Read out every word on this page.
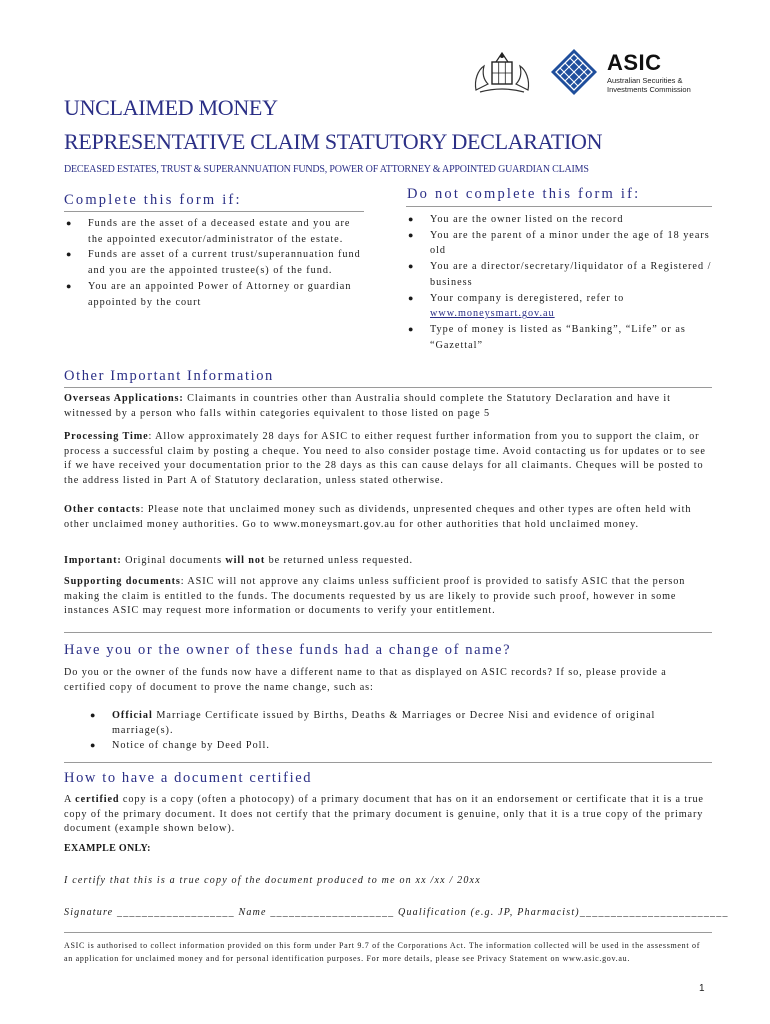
ASIC
Australian Securities &
Investments Commission
UNCLAIMED MONEY
REPRESENTATIVE CLAIM STATUTORY DECLARATION
DECEASED ESTATES, TRUST & SUPERANNUATION FUNDS, POWER OF ATTORNEY & APPOINTED GUARDIAN CLAIMS
Complete this form if:
● Funds are the asset of a deceased estate and you are the appointed executor/administrator of the estate.
● Funds are asset of a current trust/superannuation fund and you are the appointed trustee(s) of the fund.
● You are an appointed Power of Attorney or guardian appointed by the court
Do not complete this form if:
● You are the owner listed on the record
● You are the parent of a minor under the age of 18 years old
● You are a director/secretary/liquidator of a Registered / business
● Your company is deregistered, refer to
www.moneysmart.gov.au
● Type of money is listed as “Banking”, “Life” or as “Gazettal”
Other Important Information

Overseas Applications: Claimants in countries other than Australia should complete the Statutory Declaration and have it witnessed by a person who falls within categories equivalent to those listed on page 5

Processing Time: Allow approximately 28 days for ASIC to either request further information from you to support the claim, or process a successful claim by posting a cheque. You need to also consider postage time. Avoid contacting us for updates or to see if we have received your documentation prior to the 28 days as this can cause delays for all claimants. Cheques will be posted to the address listed in Part A of Statutory declaration, unless stated otherwise.

Other contacts: Please note that unclaimed money such as dividends, unpresented cheques and other types are often held with other unclaimed money authorities. Go to www.moneysmart.gov.au for other authorities that hold unclaimed money.

Important: Original documents will not be returned unless requested.

Supporting documents: ASIC will not approve any claims unless sufficient proof is provided to satisfy ASIC that the person making the claim is entitled to the funds. The documents requested by us are likely to provide such proof, however in some instances ASIC may request more information or documents to verify your entitlement.

Have you or the owner of these funds had a change of name?

Do you or the owner of the funds now have a different name to that as displayed on ASIC records? If so, please provide a certified copy of document to prove the name change, such as:

● Official Marriage Certificate issued by Births, Deaths & Marriages or Decree Nisi and evidence of original marriage(s).
● Notice of change by Deed Poll.
How to have a document certified

A certified copy is a copy (often a photocopy) of a primary document that has on it an endorsement or certificate that it is a true copy of the primary document. It does not certify that the primary document is genuine, only that it is a true copy of the primary document (example shown below).

EXAMPLE ONLY:
I certify that this is a true copy of the document produced to me on xx /xx / 20xx
Signature ___________________ Name ____________________ Qualification (e.g. JP, Pharmacist)________________________
ASIC is authorised to collect information provided on this form under Part 9.7 of the Corporations Act. The information collected will be used in the assessment of an application for unclaimed money and for personal identification purposes. For more details, please see Privacy Statement on www.asic.gov.au.
1
